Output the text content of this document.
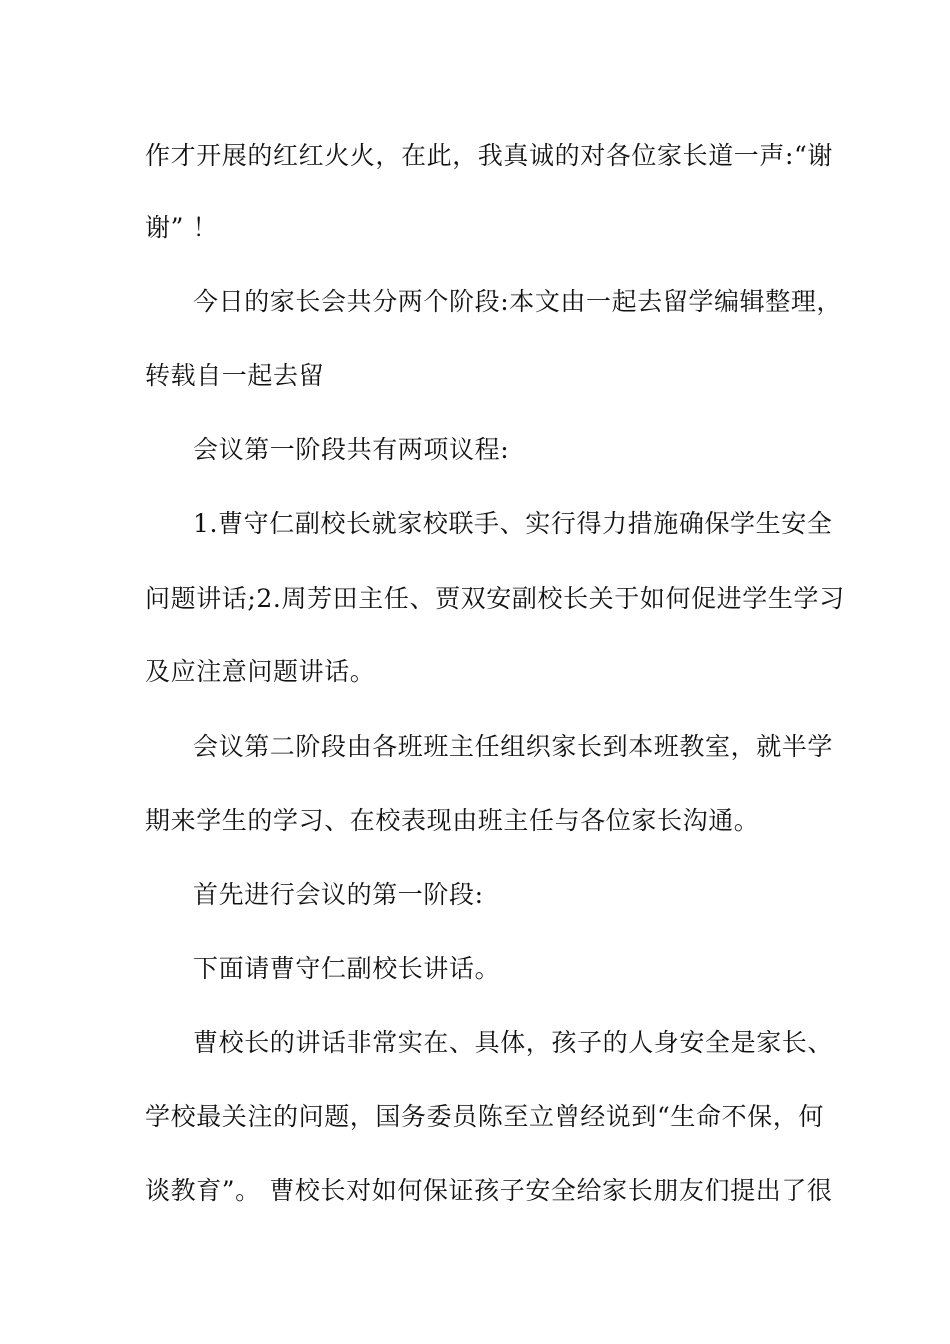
作才开展的红红火火，在此，我真诚的对各位家长道一声:“谢
谢” ！
今日的家长会共分两个阶段:本文由一起去留学编辑整理，
转载自一起去留
会议第一阶段共有两项议程:
1.曹守仁副校长就家校联手、实行得力措施确保学生安全
问题讲话;2.周芳田主任、贾双安副校长关于如何促进学生学习
及应注意问题讲话。
会议第二阶段由各班班主任组织家长到本班教室，就半学
期来学生的学习、在校表现由班主任与各位家长沟通。
首先进行会议的第一阶段:
下面请曹守仁副校长讲话。
曹校长的讲话非常实在、具体，孩子的人身安全是家长、
学校最关注的问题，国务委员陈至立曾经说到“生命不保，何
谈教育”。 曹校长对如何保证孩子安全给家长朋友们提出了很
